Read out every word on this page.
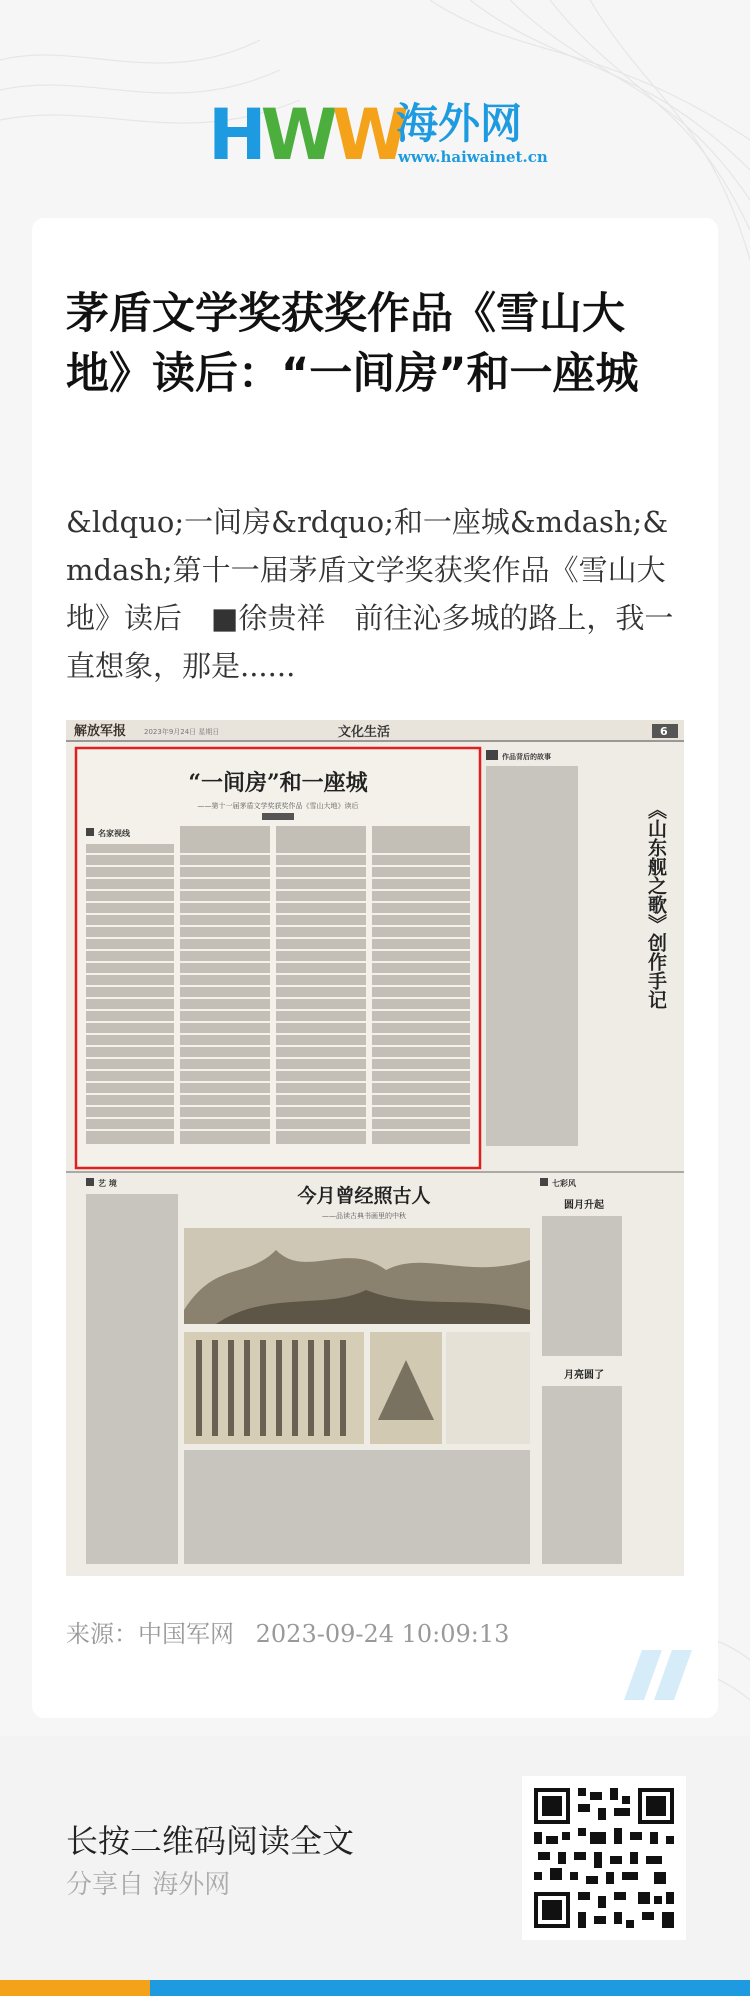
HWW
海外网
www.haiwainet.cn
茅盾文学奖获奖作品《雪山大地》读后：“一间房”和一座城

&ldquo;一间房&rdquo;和一座城&mdash;&mdash;第十一届茅盾文学奖获奖作品《雪山大地》读后　■徐贵祥　前往沁多城的路上，我一直想象，那是......

解放军报	2023年9月24日 星期日	文化生活	6
“一间房”和一座城
——第十一届茅盾文学奖获奖作品《雪山大地》读后
名家视线
作品背后的故事
《山东舰之歌》创作手记
艺 境
今月曾经照古人
——品读古典书画里的中秋
七彩风
圆月升起
月亮圆了
来源：中国军网 2023-09-24 10:09:13
长按二维码阅读全文
分享自 海外网
